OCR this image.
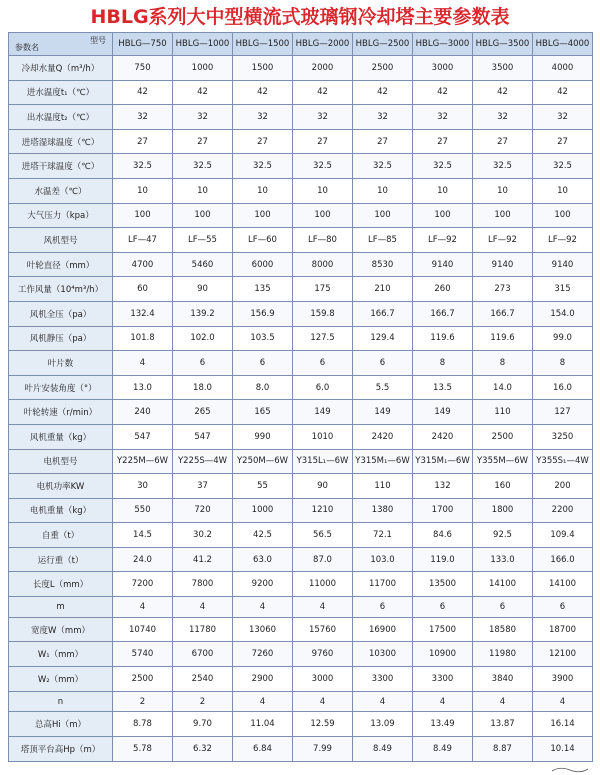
HBLG系列大中型横流式玻璃钢冷却塔主要参数表
型号
参数名	HBLG—750	HBLG—1000	HBLG—1500	HBLG—2000	HBLG—2500	HBLG—3000	HBLG—3500	HBLG—4000
冷却水量Q（m³/h）	750	1000	1500	2000	2500	3000	3500	4000
进水温度t₁（℃）	42	42	42	42	42	42	42	42
出水温度t₂（℃）	32	32	32	32	32	32	32	32
进塔湿球温度（℃）	27	27	27	27	27	27	27	27
进塔干球温度（℃）	32.5	32.5	32.5	32.5	32.5	32.5	32.5	32.5
水温差（℃）	10	10	10	10	10	10	10	10
大气压力（kpa）	100	100	100	100	100	100	100	100
风机型号	LF—47	LF—55	LF—60	LF—80	LF—85	LF—92	LF—92	LF—92
叶轮直径（mm）	4700	5460	6000	8000	8530	9140	9140	9140
工作风量（10⁴m³/h）	60	90	135	175	210	260	273	315
风机全压（pa）	132.4	139.2	156.9	159.8	166.7	166.7	166.7	154.0
风机静压（pa）	101.8	102.0	103.5	127.5	129.4	119.6	119.6	99.0
叶片数	4	6	6	6	6	8	8	8
叶片安装角度（°）	13.0	18.0	8.0	6.0	5.5	13.5	14.0	16.0
叶轮转速（r/min）	240	265	165	149	149	149	110	127
风机重量（kg）	547	547	990	1010	2420	2420	2500	3250
电机型号	Y225M—6W	Y225S—4W	Y250M—6W	Y315L₁—6W	Y315M₁—6W	Y315M₁—6W	Y355M—6W	Y355S₁—4W
电机功率KW	30	37	55	90	110	132	160	200
电机重量（kg）	550	720	1000	1210	1380	1700	1800	2200
自重（t）	14.5	30.2	42.5	56.5	72.1	84.6	92.5	109.4
运行重（t）	24.0	41.2	63.0	87.0	103.0	119.0	133.0	166.0
长度L（mm）	7200	7800	9200	11000	11700	13500	14100	14100
m	4	4	4	4	6	6	6	6
宽度W（mm）	10740	11780	13060	15760	16900	17500	18580	18700
W₁（mm）	5740	6700	7260	9760	10300	10900	11980	12100
W₂（mm）	2500	2540	2900	3000	3300	3300	3840	3900
n	2	2	4	4	4	4	4	4
总高Hi（m）	8.78	9.70	11.04	12.59	13.09	13.49	13.87	16.14
塔顶平台高Hp（m）	5.78	6.32	6.84	7.99	8.49	8.49	8.87	10.14
